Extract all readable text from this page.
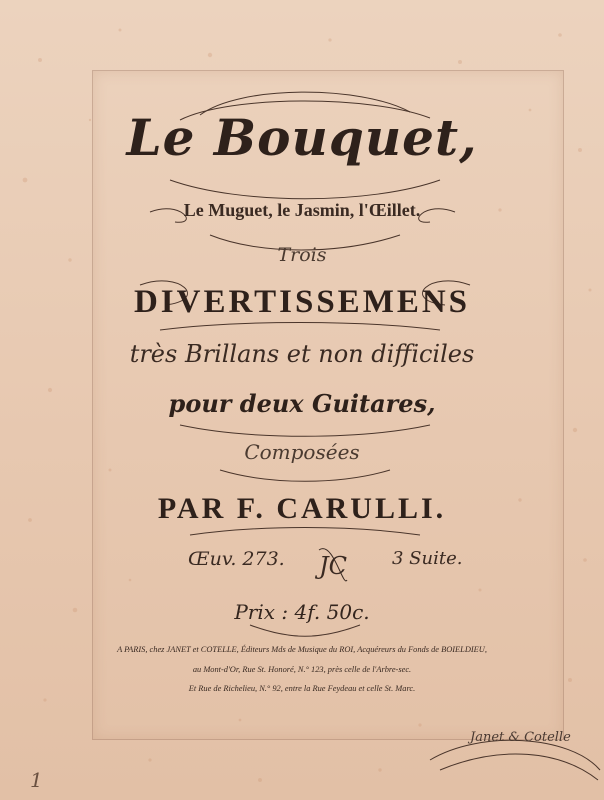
Le Bouquet,
Le Muguet, le Jasmin, l'Œillet.
Trois
DIVERTISSEMENS
très Brillans et non difficiles
pour deux Guitares,
Composées
PAR F. CARULLI.
Œuv. 273. JC	3 Suite.
Prix : 4f. 50c.
A PARIS, chez JANET et COTELLE, Éditeurs Mds de Musique du ROI, Acquéreurs du Fonds de BOIELDIEU,
au Mont-d'Or, Rue St. Honoré, N.° 123, près celle de l'Arbre-sec.
Et Rue de Richelieu, N.° 92, entre la Rue Feydeau et celle St. Marc.
1
Janet & Cotelle
